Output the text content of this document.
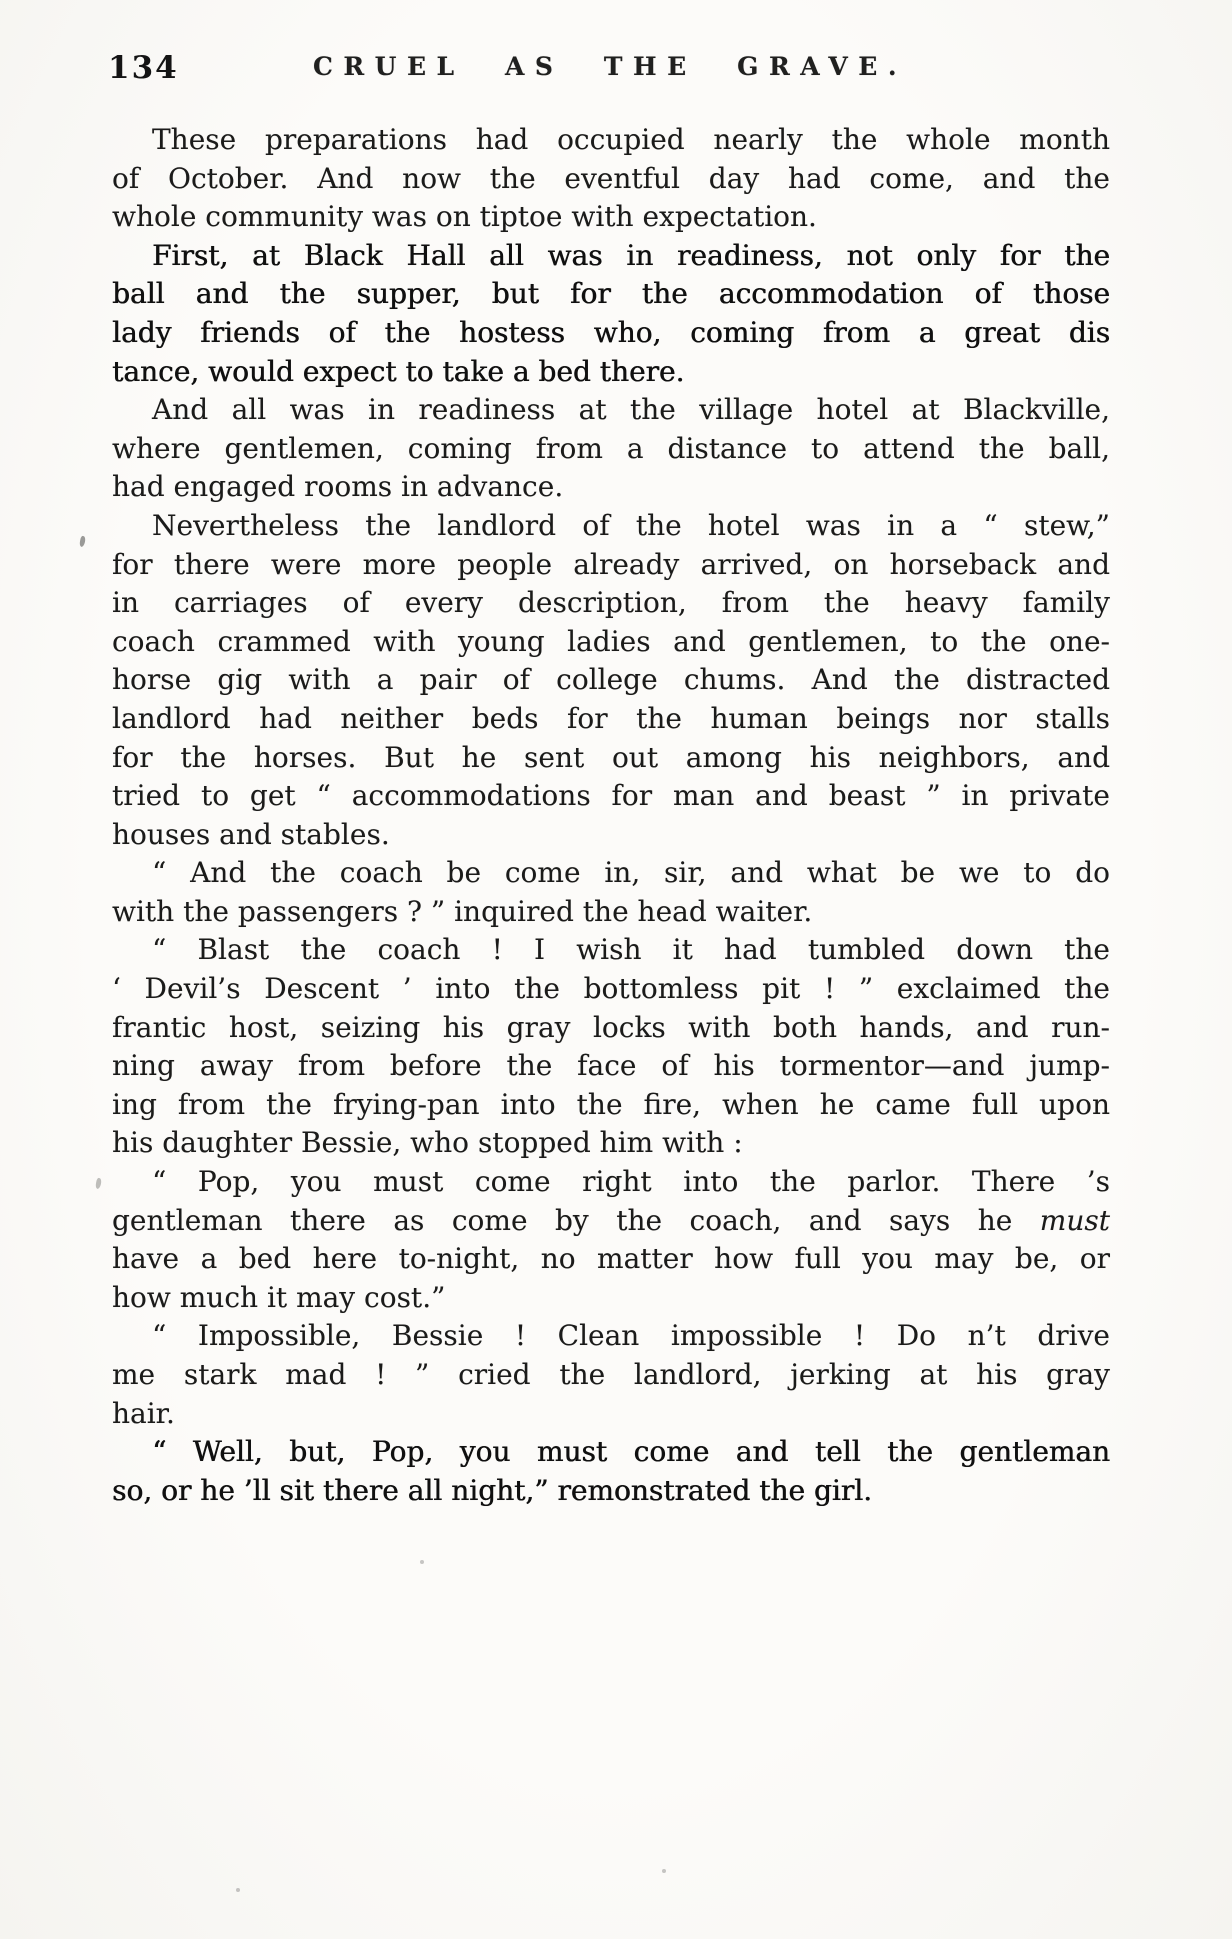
134	CRUEL AS THE GRAVE.

These preparations had occupied nearly the whole month
of October. And now the eventful day had come, and the
whole community was on tiptoe with expectation.

First, at Black Hall all was in readiness, not only for the
ball and the supper, but for the accommodation of those
lady friends of the hostess who, coming from a great dis
tance, would expect to take a bed there.

And all was in readiness at the village hotel at Blackville,
where gentlemen, coming from a distance to attend the ball,
had engaged rooms in advance.

Nevertheless the landlord of the hotel was in a “ stew,”
for there were more people already arrived, on horseback and
in carriages of every description, from the heavy family
coach crammed with young ladies and gentlemen, to the one-
horse gig with a pair of college chums. And the distracted
landlord had neither beds for the human beings nor stalls
for the horses. But he sent out among his neighbors, and
tried to get “ accommodations for man and beast ” in private
houses and stables.

“ And the coach be come in, sir, and what be we to do
with the passengers ? ” inquired the head waiter.

“ Blast the coach ! I wish it had tumbled down the
‘ Devil’s Descent ’ into the bottomless pit ! ” exclaimed the
frantic host, seizing his gray locks with both hands, and run-
ning away from before the face of his tormentor—and jump-
ing from the frying-pan into the fire, when he came full upon
his daughter Bessie, who stopped him with :

“ Pop, you must come right into the parlor. There ’s
gentleman there as come by the coach, and says he must
have a bed here to-night, no matter how full you may be, or
how much it may cost.”

“ Impossible, Bessie ! Clean impossible ! Do n’t drive
me stark mad ! ” cried the landlord, jerking at his gray
hair.

“ Well, but, Pop, you must come and tell the gentleman
so, or he ’ll sit there all night,” remonstrated the girl.
